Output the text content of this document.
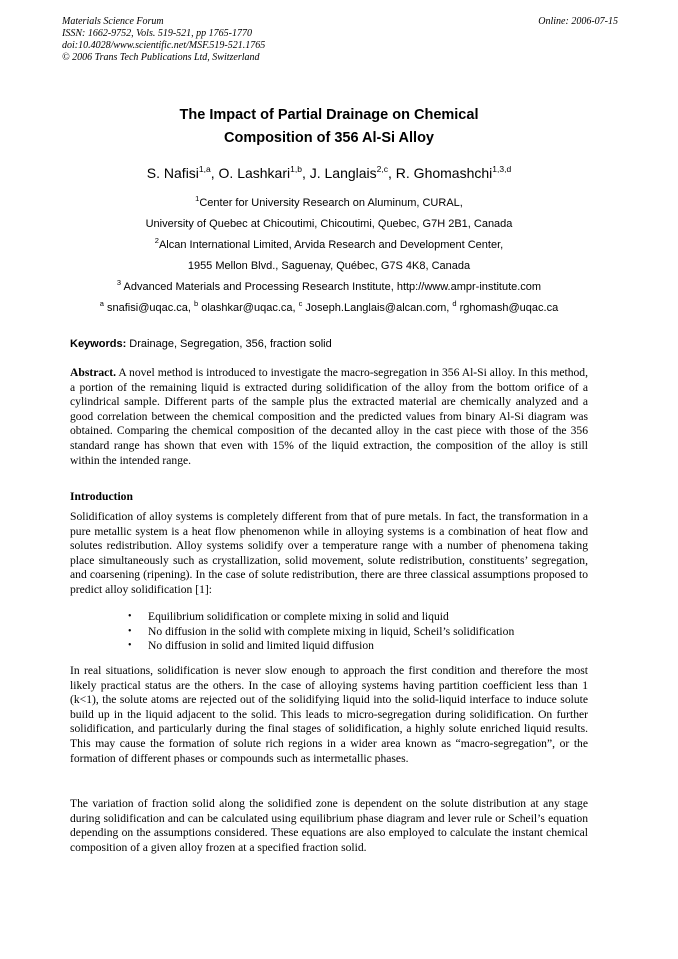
Materials Science Forum
ISSN: 1662-9752, Vols. 519-521, pp 1765-1770
doi:10.4028/www.scientific.net/MSF.519-521.1765
© 2006 Trans Tech Publications Ltd, Switzerland
Online: 2006-07-15
The Impact of Partial Drainage on Chemical
Composition of 356 Al-Si Alloy
S. Nafisi$^{1,a}$, O. Lashkari$^{1,b}$, J. Langlais$^{2,c}$, R. Ghomashchi$^{1,3,d}$
$^1$Center for University Research on Aluminum, CURAL,
University of Quebec at Chicoutimi, Chicoutimi, Quebec, G7H 2B1, Canada
$^2$Alcan International Limited, Arvida Research and Development Center,
1955 Mellon Blvd., Saguenay, Québec, G7S 4K8, Canada
$^3$ Advanced Materials and Processing Research Institute, http://www.ampr-institute.com
$^a$ snafisi@uqac.ca, $^b$ olashkar@uqac.ca, $^c$ Joseph.Langlais@alcan.com, $^d$ rghomash@uqac.ca
Keywords: Drainage, Segregation, 356, fraction solid
Abstract. A novel method is introduced to investigate the macro-segregation in 356 Al-Si alloy. In this method, a portion of the remaining liquid is extracted during solidification of the alloy from the bottom orifice of a cylindrical sample. Different parts of the sample plus the extracted material are chemically analyzed and a good correlation between the chemical composition and the predicted values from binary Al-Si diagram was obtained. Comparing the chemical composition of the decanted alloy in the cast piece with those of the 356 standard range has shown that even with 15% of the liquid extraction, the composition of the alloy is still within the intended range.
Introduction
Solidification of alloy systems is completely different from that of pure metals. In fact, the transformation in a pure metallic system is a heat flow phenomenon while in alloying systems is a combination of heat flow and solutes redistribution. Alloy systems solidify over a temperature range with a number of phenomena taking place simultaneously such as crystallization, solid movement, solute redistribution, constituents’ segregation, and coarsening (ripening). In the case of solute redistribution, there are three classical assumptions proposed to predict alloy solidification [1]:
• Equilibrium solidification or complete mixing in solid and liquid
• No diffusion in the solid with complete mixing in liquid, Scheil’s solidification
• No diffusion in solid and limited liquid diffusion
In real situations, solidification is never slow enough to approach the first condition and therefore the most likely practical status are the others. In the case of alloying systems having partition coefficient less than 1 (k<1), the solute atoms are rejected out of the solidifying liquid into the solid-liquid interface to induce solute build up in the liquid adjacent to the solid. This leads to micro-segregation during solidification. On further solidification, and particularly during the final stages of solidification, a highly solute enriched liquid results. This may cause the formation of solute rich regions in a wider area known as “macro-segregation”, or the formation of different phases or compounds such as intermetallic phases.
The variation of fraction solid along the solidified zone is dependent on the solute distribution at any stage during solidification and can be calculated using equilibrium phase diagram and lever rule or Scheil’s equation depending on the assumptions considered. These equations are also employed to calculate the instant chemical composition of a given alloy frozen at a specified fraction solid.
